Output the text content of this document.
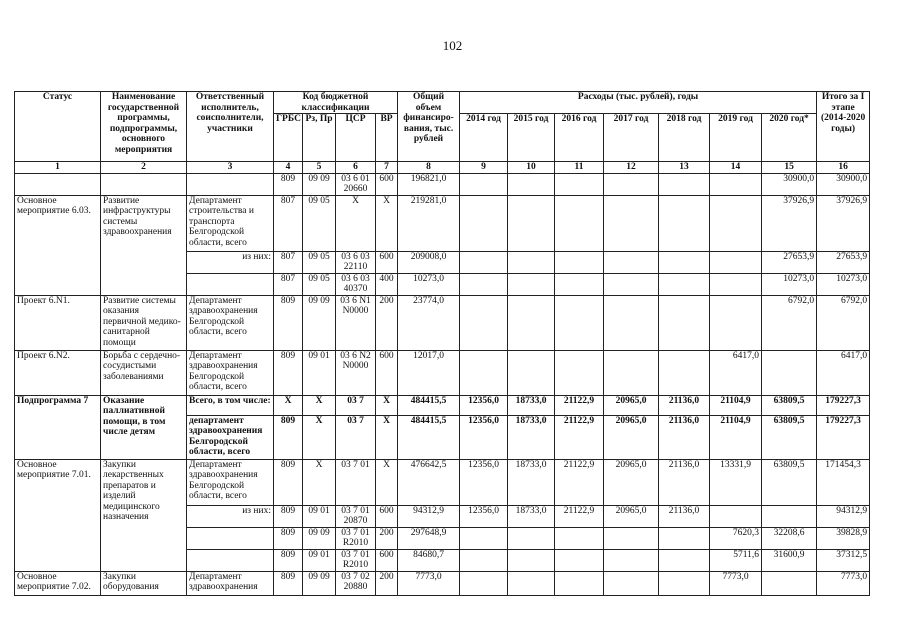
102
Статус	Наименование государственной программы, подпрограммы, основного мероприятия	Ответственный исполнитель, соисполнители, участники	Код бюджетной классификации				Общий объем финансиро-вания, тыс. рублей	Расходы (тыс. рублей), годы							Итого за I этапе (2014-2020 годы)
			ГРБС	Рз, Пр	ЦСР	ВР		2014 год	2015 год	2016 год	2017 год	2018 год	2019 год	2020 год*	
1	2	3	4	5	6	7	8	9	10	11	12	13	14	15	16
			809	09 09	03 6 01 20660	600	196821,0							30900,0	30900,0
Основное мероприятие 6.03.	Развитие инфраструктуры системы здравоохранения	Департамент строительства и транспорта Белгородской области, всего	807	09 05	Х	Х	219281,0							37926,9	37926,9
		из них:	807	09 05	03 6 03 22110	600	209008,0							27653,9	27653,9
			807	09 05	03 6 03 40370	400	10273,0							10273,0	10273,0
Проект 6.N1.	Развитие системы оказания первичной медико-санитарной помощи	Департамент здравоохранения Белгородской области, всего	809	09 09	03 6 N1 N0000	200	23774,0							6792,0	6792,0
Проект 6.N2.	Борьба с сердечно-сосудистыми заболеваниями	Департамент здравоохранения Белгородской области, всего	809	09 01	03 6 N2 N0000	600	12017,0						6417,0		6417,0
Подпрограмма 7	Оказание паллиативной помощи, в том числе детям	Всего, в том числе:	Х	Х	03 7	Х	484415,5	12356,0	18733,0	21122,9	20965,0	21136,0	21104,9	63809,5	179227,3
		департамент здравоохранения Белгородской области, всего	809	Х	03 7	Х	484415,5	12356,0	18733,0	21122,9	20965,0	21136,0	21104,9	63809,5	179227,3
Основное мероприятие 7.01.	Закупки лекарственных препаратов и изделий медицинского назначения	Департамент здравоохранения Белгородской области, всего	809	Х	03 7 01	Х	476642,5	12356,0	18733,0	21122,9	20965,0	21136,0	13331,9	63809,5	171454,3
		из них:	809	09 01	03 7 01 20870	600	94312,9	12356,0	18733,0	21122,9	20965,0	21136,0			94312,9
			809	09 09	03 7 01 R2010	200	297648,9						7620,3	32208,6	39828,9
			809	09 01	03 7 01 R2010	600	84680,7						5711,6	31600,9	37312,5
Основное мероприятие 7.02.	Закупки оборудования	Департамент здравоохранения	809	09 09	03 7 02 20880	200	7773,0						7773,0		7773,0
